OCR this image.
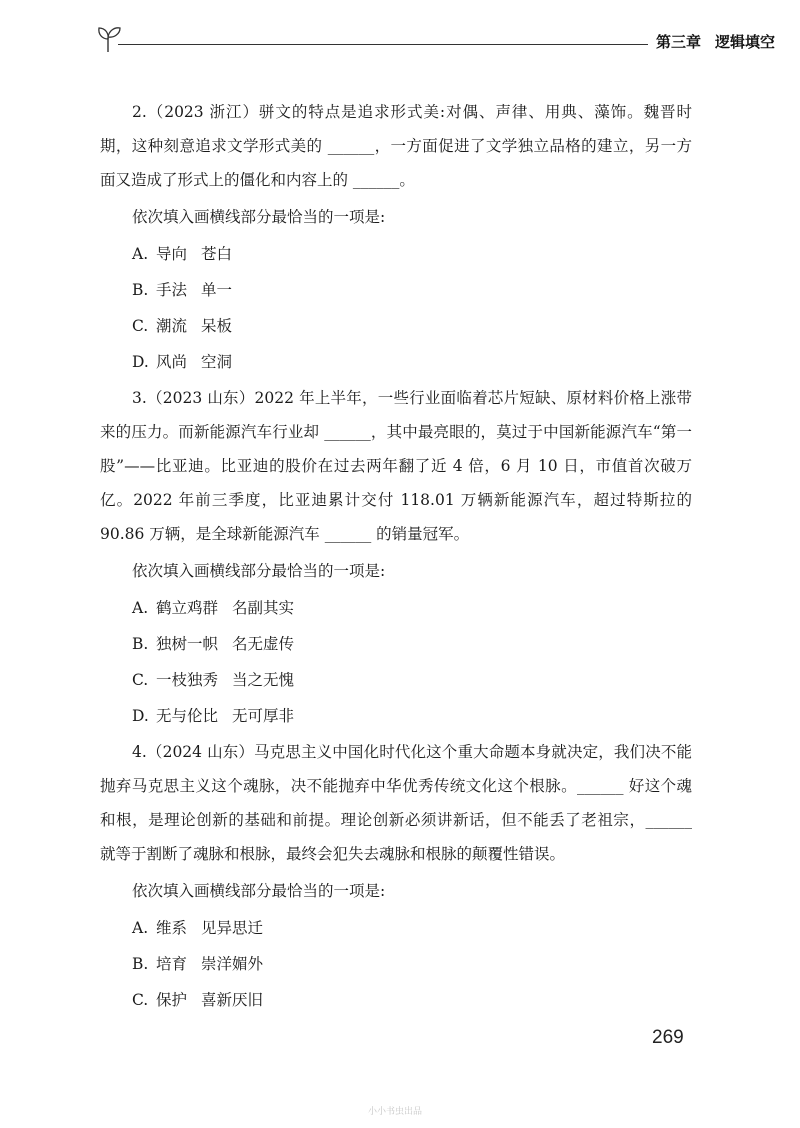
第三章 逻辑填空

2.（2023 浙江）骈文的特点是追求形式美:对偶、声律、用典、藻饰。魏晋时期，这种刻意追求文学形式美的 ______，一方面促进了文学独立品格的建立，另一方面又造成了形式上的僵化和内容上的 ______。

依次填入画横线部分最恰当的一项是:

A. 导向 苍白

B. 手法 单一

C. 潮流 呆板

D. 风尚 空洞

3.（2023 山东）2022 年上半年，一些行业面临着芯片短缺、原材料价格上涨带来的压力。而新能源汽车行业却 ______，其中最亮眼的，莫过于中国新能源汽车“第一股”——比亚迪。比亚迪的股价在过去两年翻了近 4 倍，6 月 10 日，市值首次破万亿。2022 年前三季度，比亚迪累计交付 118.01 万辆新能源汽车，超过特斯拉的 90.86 万辆，是全球新能源汽车 ______ 的销量冠军。

依次填入画横线部分最恰当的一项是:

A. 鹤立鸡群 名副其实

B. 独树一帜 名无虚传

C. 一枝独秀 当之无愧

D. 无与伦比 无可厚非

4.（2024 山东）马克思主义中国化时代化这个重大命题本身就决定，我们决不能抛弃马克思主义这个魂脉，决不能抛弃中华优秀传统文化这个根脉。______ 好这个魂和根，是理论创新的基础和前提。理论创新必须讲新话，但不能丢了老祖宗，______ 就等于割断了魂脉和根脉，最终会犯失去魂脉和根脉的颠覆性错误。

依次填入画横线部分最恰当的一项是:

A. 维系 见异思迁

B. 培育 崇洋媚外

C. 保护 喜新厌旧

269
小小书虫出品
